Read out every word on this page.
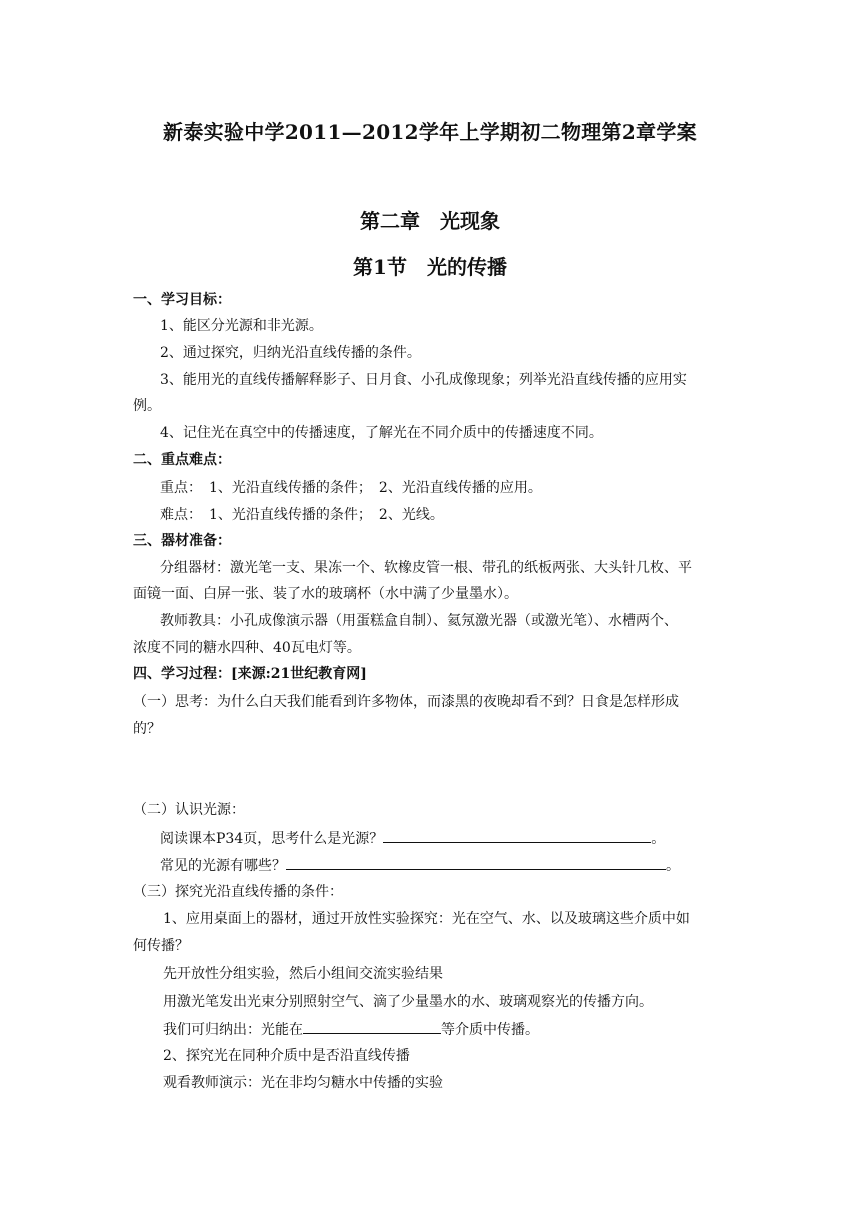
新泰实验中学2011—2012学年上学期初二物理第2章学案
第二章　光现象
第1节　光的传播
一、学习目标：
1、能区分光源和非光源。
2、通过探究，归纳光沿直线传播的条件。
3、能用光的直线传播解释影子、日月食、小孔成像现象；列举光沿直线传播的应用实
例。
4、记住光在真空中的传播速度，了解光在不同介质中的传播速度不同。
二、重点难点：
重点：　1、光沿直线传播的条件；　2、光沿直线传播的应用。
难点：　1、光沿直线传播的条件；　2、光线。
三、器材准备：
分组器材：激光笔一支、果冻一个、软橡皮管一根、带孔的纸板两张、大头针几枚、平
面镜一面、白屏一张、装了水的玻璃杯（水中满了少量墨水）。
教师教具：小孔成像演示器（用蛋糕盒自制）、氦氖激光器（或激光笔）、水槽两个、
浓度不同的糖水四种、40瓦电灯等。
四、学习过程：[来源:21世纪教育网]
（一）思考：为什么白天我们能看到许多物体，而漆黑的夜晚却看不到？日食是怎样形成
的？
（二）认识光源：
阅读课本P34页，思考什么是光源？	。
常见的光源有哪些？	。
（三）探究光沿直线传播的条件：
1、应用桌面上的器材，通过开放性实验探究：光在空气、水、以及玻璃这些介质中如
何传播？
先开放性分组实验，然后小组间交流实验结果
用激光笔发出光束分别照射空气、滴了少量墨水的水、玻璃观察光的传播方向。
我们可归纳出：光能在	等介质中传播。
2、探究光在同种介质中是否沿直线传播
观看教师演示：光在非均匀糖水中传播的实验
